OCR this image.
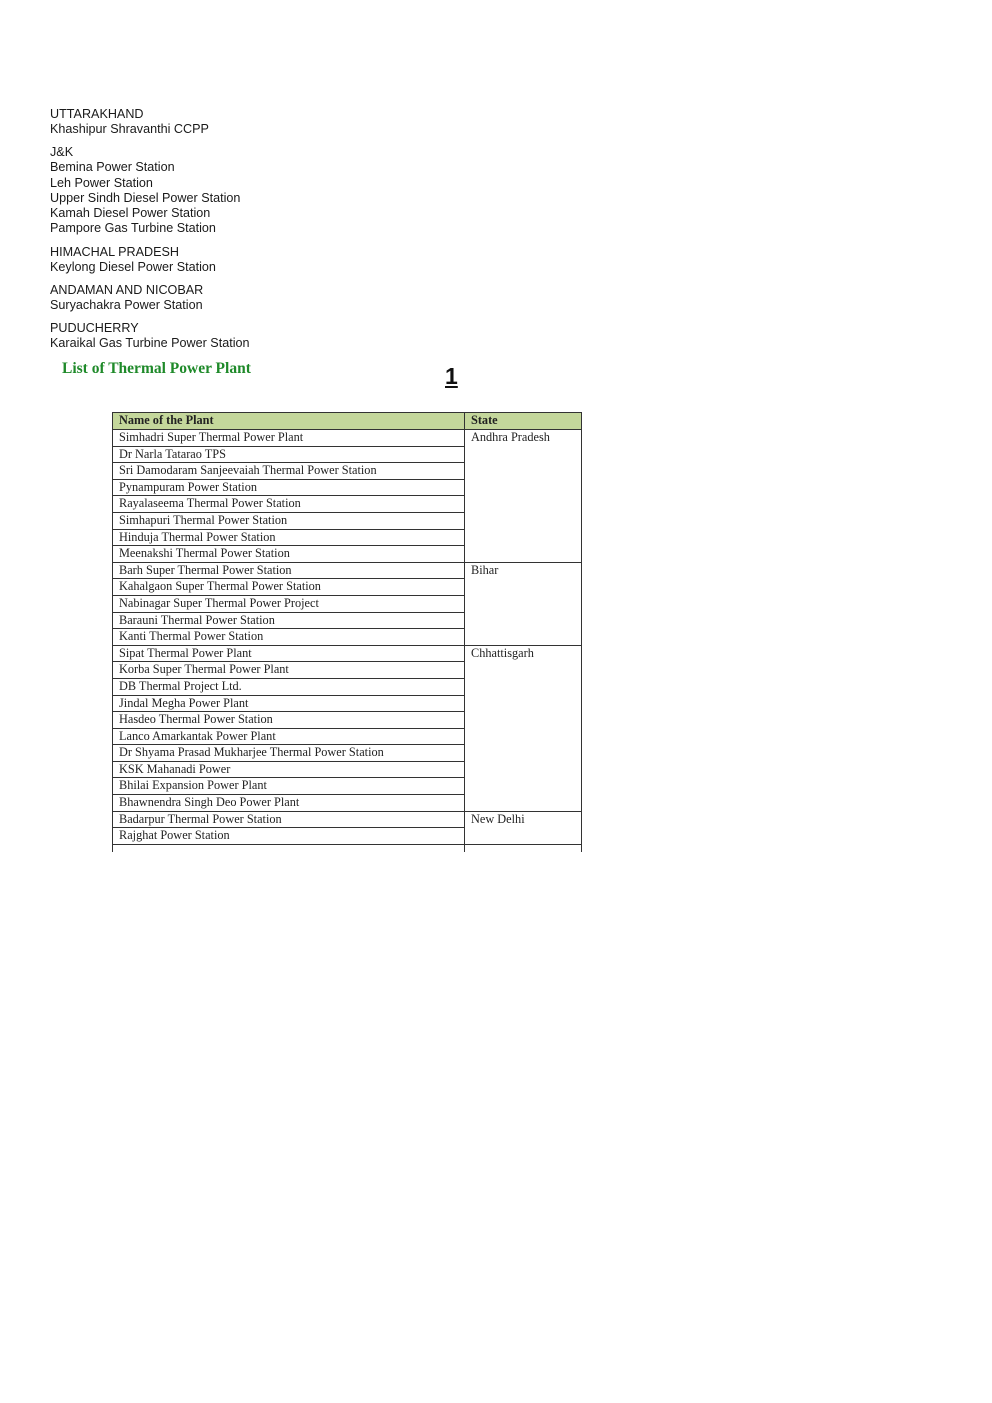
UTTARAKHAND
Khashipur Shravanthi CCPP
J&K
Bemina Power Station
Leh Power Station
Upper Sindh Diesel Power Station
Kamah Diesel Power Station
Pampore Gas Turbine Station
HIMACHAL PRADESH
Keylong Diesel Power Station
ANDAMAN AND NICOBAR
Suryachakra Power Station
PUDUCHERRY
Karaikal Gas Turbine Power Station
List of Thermal Power Plant	1
Name of the Plant	State
Simhadri Super Thermal Power Plant	Andhra Pradesh
Dr Narla Tatarao TPS	
Sri Damodaram Sanjeevaiah Thermal Power Station	
Pynampuram Power Station	
Rayalaseema Thermal Power Station	
Simhapuri Thermal Power Station	
Hinduja Thermal Power Station	
Meenakshi Thermal Power Station	
Barh Super Thermal Power Station	Bihar
Kahalgaon Super Thermal Power Station	
Nabinagar Super Thermal Power Project	
Barauni Thermal Power Station	
Kanti Thermal Power Station	
Sipat Thermal Power Plant	Chhattisgarh
Korba Super Thermal Power Plant	
DB Thermal Project Ltd.	
Jindal Megha Power Plant	
Hasdeo Thermal Power Station	
Lanco Amarkantak Power Plant	
Dr Shyama Prasad Mukharjee Thermal Power Station	
KSK Mahanadi Power	
Bhilai Expansion Power Plant	
Bhawnendra Singh Deo Power Plant	
Badarpur Thermal Power Station	New Delhi
Rajghat Power Station	
